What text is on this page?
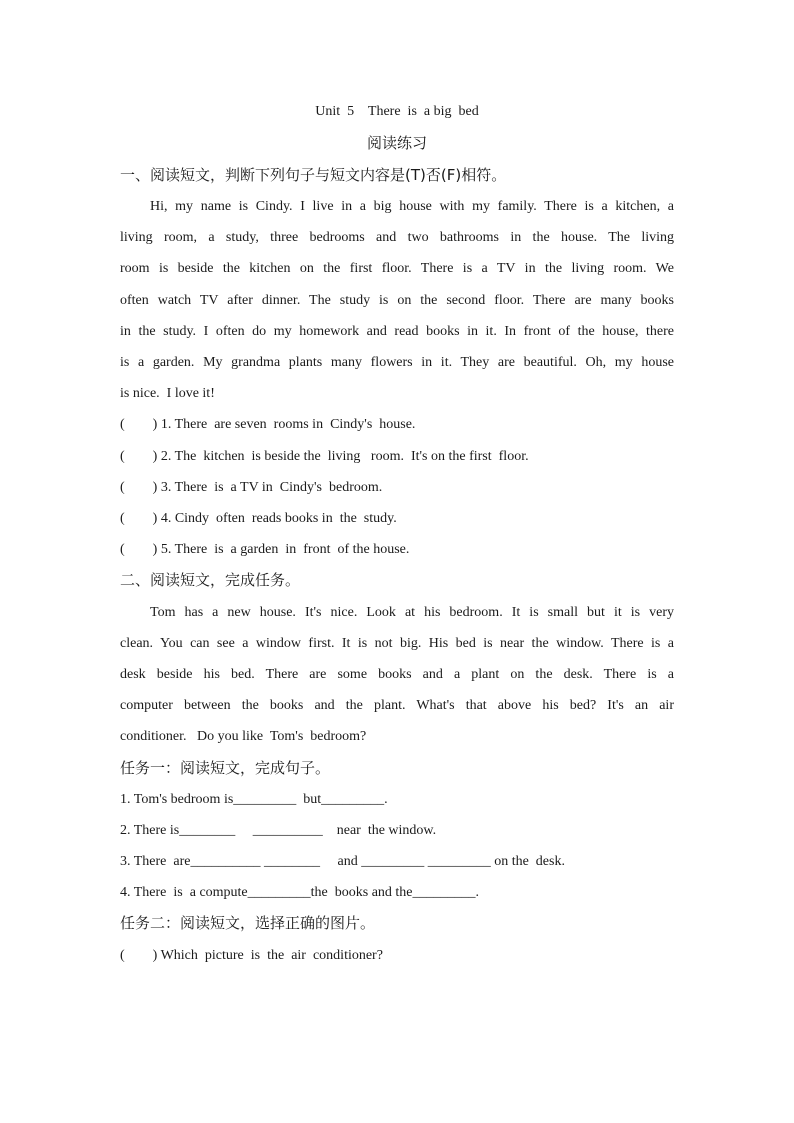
Unit  5    There  is  a big  bed
阅读练习
一、阅读短文，判断下列句子与短文内容是(T)否(F)相符。
Hi, my name is Cindy. I live in a big house with my family. There is a kitchen, a
living room, a study, three bedrooms and two bathrooms in the house. The living
room is beside the kitchen on the first floor. There is a TV in the living room. We
often watch TV after dinner. The study is on the second floor. There are many books
in the study. I often do my homework and read books in it. In front of the house, there
is a garden. My grandma plants many flowers in it. They are beautiful. Oh, my house
is nice.  I love it!
(        ) 1. There  are seven  rooms in  Cindy's  house.
(        ) 2. The  kitchen  is beside the  living   room.  It's on the first  floor.
(        ) 3. There  is  a TV in  Cindy's  bedroom.
(        ) 4. Cindy  often  reads books in  the  study.
(        ) 5. There  is  a garden  in  front  of the house.
二、阅读短文，完成任务。
Tom has a new house. It's nice. Look at his bedroom. It is small but it is very
clean. You can see a window first. It is not big. His bed is near the window. There is a
desk beside his bed. There are some books and a plant on the desk. There is a
computer between the books and the plant. What's that above his bed? It's an air
conditioner.   Do you like  Tom's  bedroom?
任务一：阅读短文，完成句子。
1. Tom's bedroom is_________  but_________.
2. There is________     __________    near  the window.
3. There  are__________ ________     and _________ _________ on the  desk.
4. There  is  a compute_________the  books and the_________.
任务二：阅读短文，选择正确的图片。
(        ) Which  picture  is  the  air  conditioner?
